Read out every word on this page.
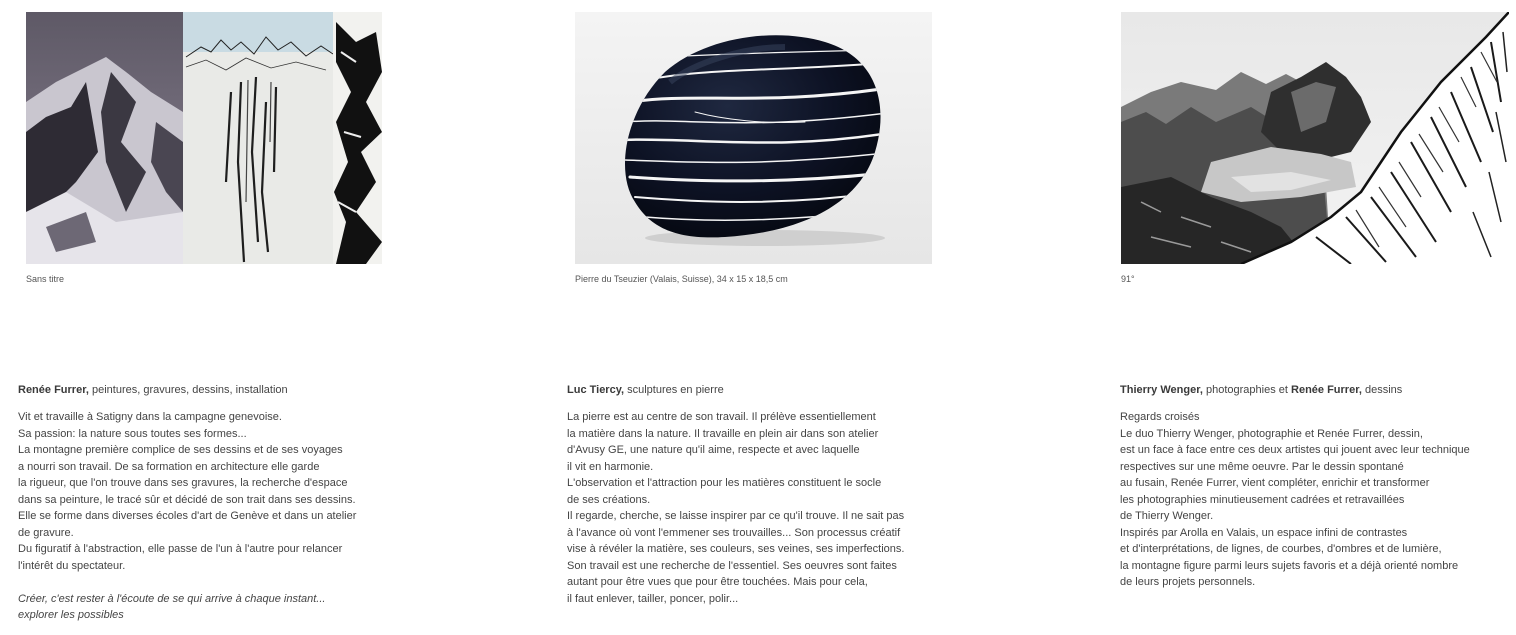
Sans titre
Renée Furrer, peintures, gravures, dessins, installation
Vit et travaille à Satigny dans la campagne genevoise.
Sa passion: la nature sous toutes ses formes...
La montagne première complice de ses dessins et de ses voyages
a nourri son travail. De sa formation en architecture elle garde
la rigueur, que l'on trouve dans ses gravures, la recherche d'espace
dans sa peinture, le tracé sûr et décidé de son trait dans ses dessins.
Elle se forme dans diverses écoles d'art de Genève et dans un atelier
de gravure.
Du figuratif à l'abstraction, elle passe de l'un à l'autre pour relancer
l'intérêt du spectateur.
Créer, c'est rester à l'écoute de se qui arrive à chaque instant...
explorer les possibles
Pierre du Tseuzier (Valais, Suisse), 34 x 15 x 18,5 cm
Luc Tiercy, sculptures en pierre
La pierre est au centre de son travail. Il prélève essentiellement
la matière dans la nature. Il travaille en plein air dans son atelier
d'Avusy GE, une nature qu'il aime, respecte et avec laquelle
il vit en harmonie.
L'observation et l'attraction pour les matières constituent le socle
de ses créations.
Il regarde, cherche, se laisse inspirer par ce qu'il trouve. Il ne sait pas
à l'avance où vont l'emmener ses trouvailles... Son processus créatif
vise à révéler la matière, ses couleurs, ses veines, ses imperfections.
Son travail est une recherche de l'essentiel. Ses oeuvres sont faites
autant pour être vues que pour être touchées. Mais pour cela,
il faut enlever, tailler, poncer, polir...
91°
Thierry Wenger, photographies et Renée Furrer, dessins
Regards croisés
Le duo Thierry Wenger, photographie et Renée Furrer, dessin,
est un face à face entre ces deux artistes qui jouent avec leur technique
respectives sur une même oeuvre. Par le dessin spontané
au fusain, Renée Furrer, vient compléter, enrichir et transformer
les photographies minutieusement cadrées et retravaillées
de Thierry Wenger.
Inspirés par Arolla en Valais, un espace infini de contrastes
et d'interprétations, de lignes, de courbes, d'ombres et de lumière,
la montagne figure parmi leurs sujets favoris et a déjà orienté nombre
de leurs projets personnels.
